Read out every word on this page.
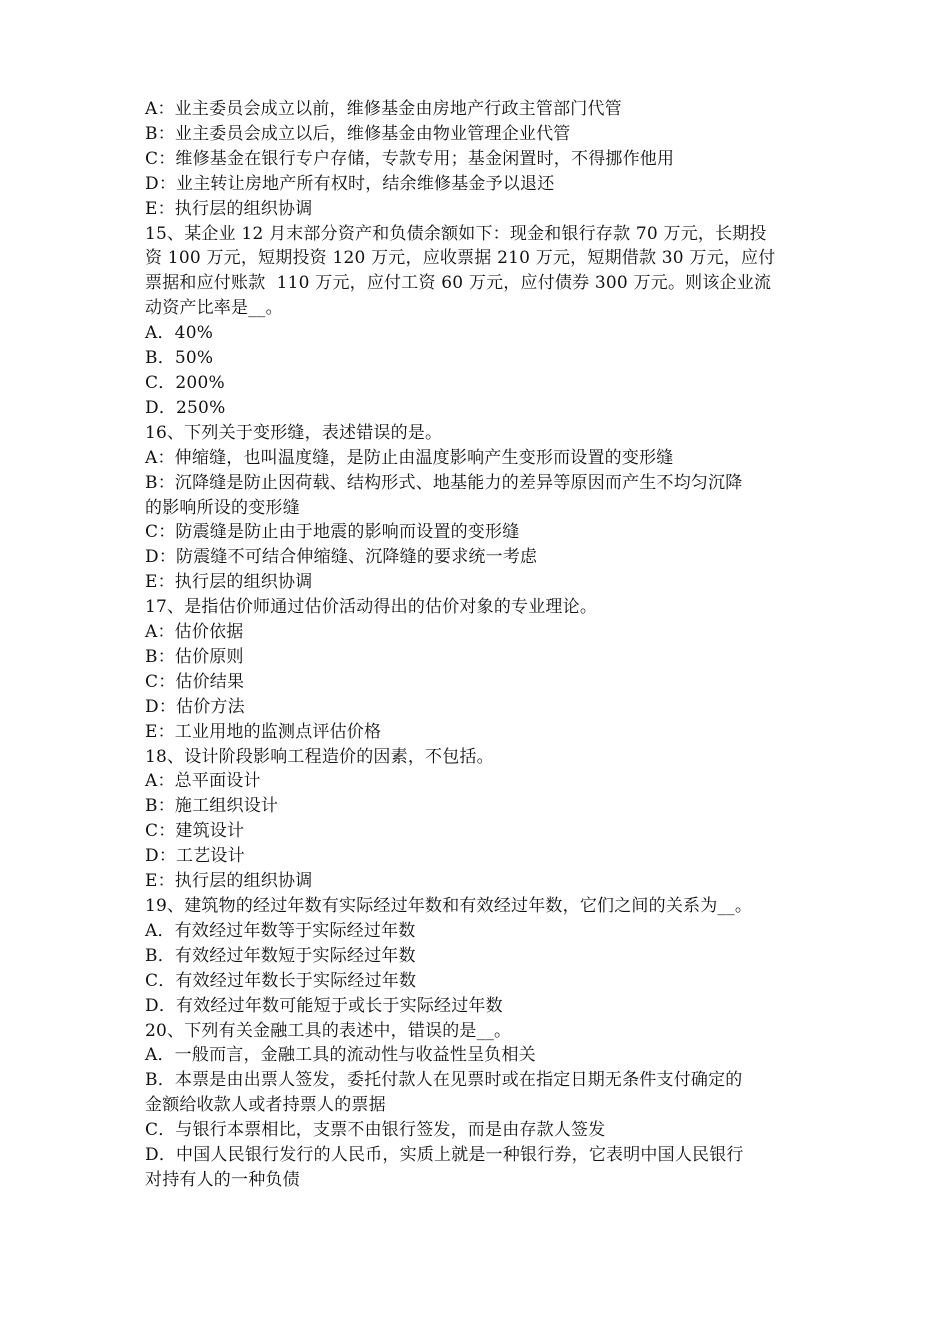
A：业主委员会成立以前，维修基金由房地产行政主管部门代管
B：业主委员会成立以后，维修基金由物业管理企业代管
C：维修基金在银行专户存储，专款专用；基金闲置时，不得挪作他用
D：业主转让房地产所有权时，结余维修基金予以退还
E：执行层的组织协调
15、某企业 12 月末部分资产和负债余额如下：现金和银行存款 70 万元，长期投
资 100 万元，短期投资 120 万元，应收票据 210 万元，短期借款 30 万元，应付
票据和应付账款  110 万元，应付工资 60 万元，应付债券 300 万元。则该企业流
动资产比率是__。
A．40%
B．50%
C．200%
D．250%
16、下列关于变形缝，表述错误的是。
A：伸缩缝，也叫温度缝，是防止由温度影响产生变形而设置的变形缝
B：沉降缝是防止因荷载、结构形式、地基能力的差异等原因而产生不均匀沉降
的影响所设的变形缝
C：防震缝是防止由于地震的影响而设置的变形缝
D：防震缝不可结合伸缩缝、沉降缝的要求统一考虑
E：执行层的组织协调
17、是指估价师通过估价活动得出的估价对象的专业理论。
A：估价依据
B：估价原则
C：估价结果
D：估价方法
E：工业用地的监测点评估价格
18、设计阶段影响工程造价的因素，不包括。
A：总平面设计
B：施工组织设计
C：建筑设计
D：工艺设计
E：执行层的组织协调
19、建筑物的经过年数有实际经过年数和有效经过年数，它们之间的关系为__。
A．有效经过年数等于实际经过年数
B．有效经过年数短于实际经过年数
C．有效经过年数长于实际经过年数
D．有效经过年数可能短于或长于实际经过年数
20、下列有关金融工具的表述中，错误的是__。
A．一般而言，金融工具的流动性与收益性呈负相关
B．本票是由出票人签发，委托付款人在见票时或在指定日期无条件支付确定的
金额给收款人或者持票人的票据
C．与银行本票相比，支票不由银行签发，而是由存款人签发
D．中国人民银行发行的人民币，实质上就是一种银行券，它表明中国人民银行
对持有人的一种负债
